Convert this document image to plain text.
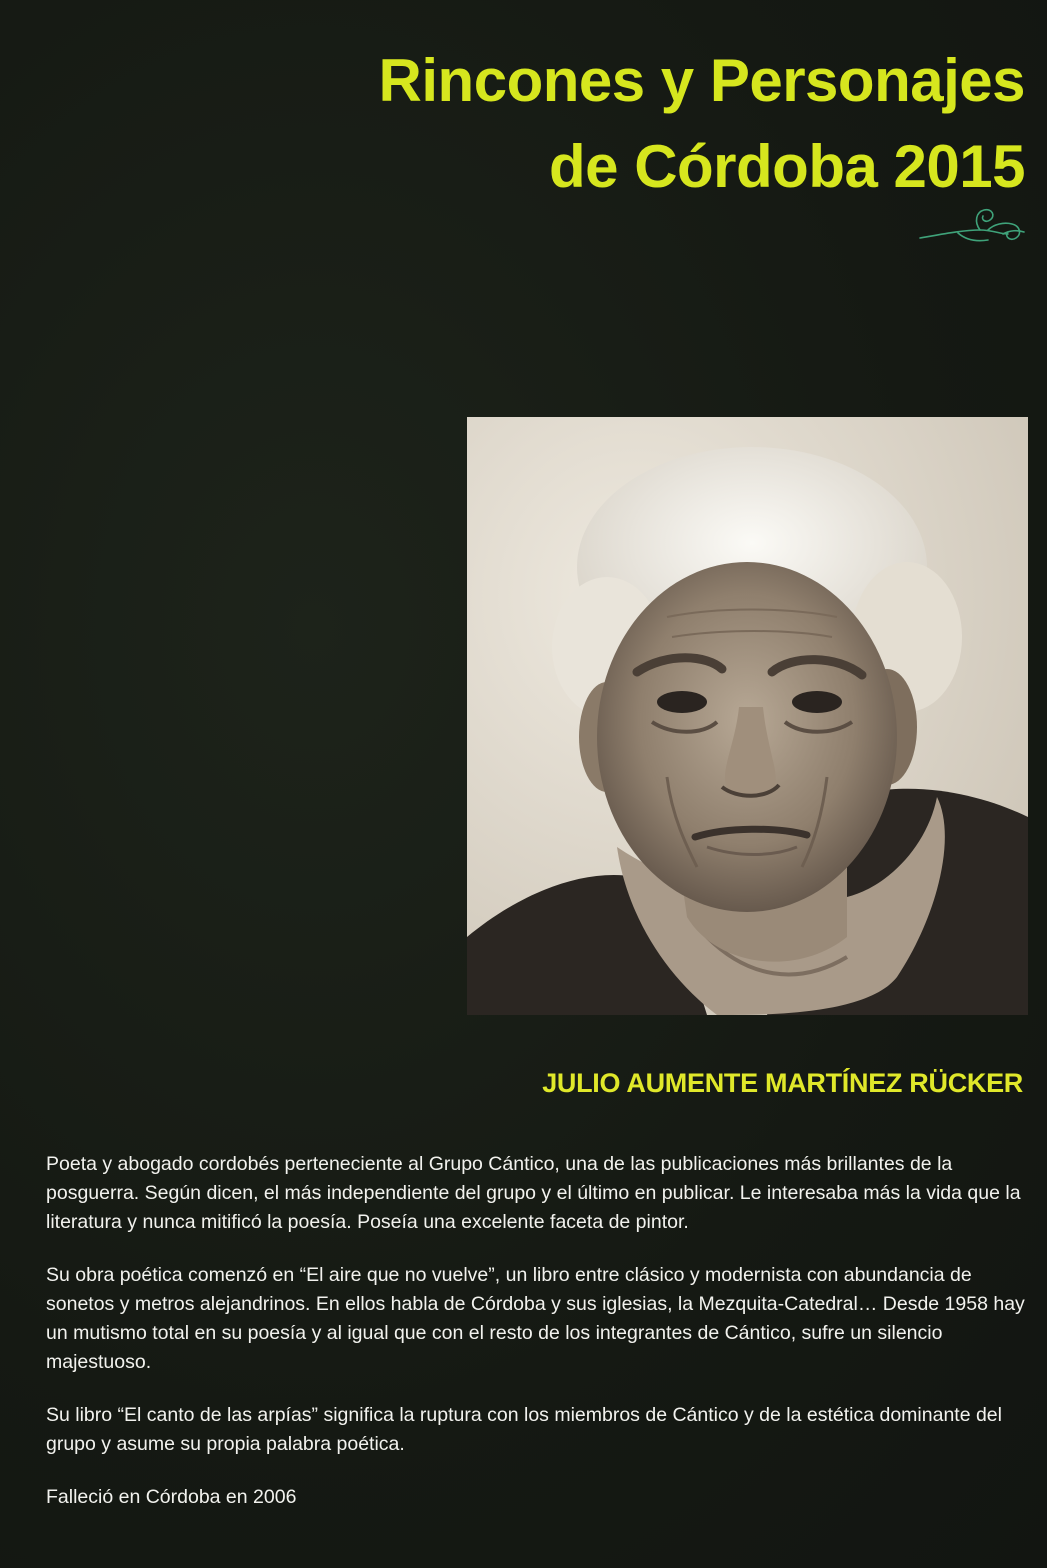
Rincones y Personajes
de Córdoba 2015
JULIO AUMENTE MARTÍNEZ RÜCKER

Poeta y abogado cordobés perteneciente al Grupo Cántico, una de las publicaciones más brillantes de la posguerra. Según dicen, el más independiente del grupo y el último en publicar. Le interesaba más la vida que la literatura y nunca mitificó la poesía. Poseía una excelente faceta de pintor.

Su obra poética comenzó en “El aire que no vuelve”, un libro entre clásico y modernista con abundancia de sonetos y metros alejandrinos. En ellos habla de Córdoba y sus iglesias, la Mezquita-Catedral… Desde 1958 hay un mutismo total en su poesía y al igual que con el resto de los integrantes de Cántico, sufre un silencio majestuoso.

Su libro “El canto de las arpías” significa la ruptura con los miembros de Cántico y de la estética dominante del grupo y asume su propia palabra poética.

Falleció en Córdoba en 2006
